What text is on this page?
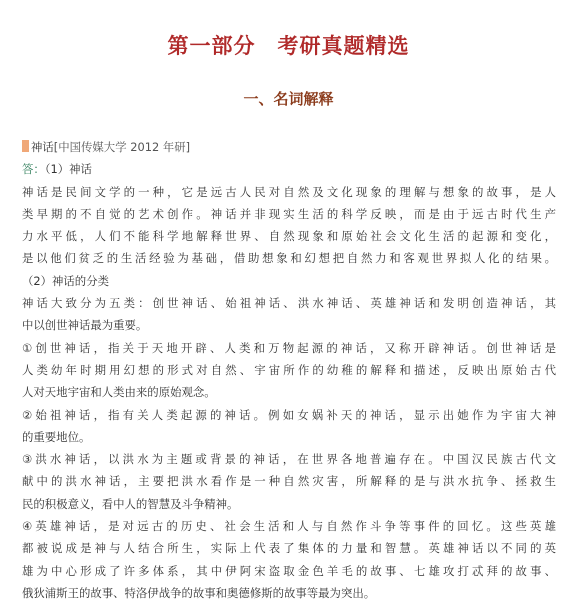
第一部分　考研真题精选
一、名词解释
神话[中国传媒大学 2012 年研]
答：（1）神话
神话是民间文学的一种，它是远古人民对自然及文化现象的理解与想象的故事，是人
类早期的不自觉的艺术创作。神话并非现实生活的科学反映，而是由于远古时代生产
力水平低，人们不能科学地解释世界、自然现象和原始社会文化生活的起源和变化，
是以他们贫乏的生活经验为基础，借助想象和幻想把自然力和客观世界拟人化的结果。
（2）神话的分类
神话大致分为五类：创世神话、始祖神话、洪水神话、英雄神话和发明创造神话，其
中以创世神话最为重要。
①创世神话，指关于天地开辟、人类和万物起源的神话，又称开辟神话。创世神话是
人类幼年时期用幻想的形式对自然、宇宙所作的幼稚的解释和描述，反映出原始古代
人对天地宇宙和人类由来的原始观念。
②始祖神话，指有关人类起源的神话。例如女娲补天的神话，显示出她作为宇宙大神
的重要地位。
③洪水神话，以洪水为主题或背景的神话，在世界各地普遍存在。中国汉民族古代文
献中的洪水神话，主要把洪水看作是一种自然灾害，所解释的是与洪水抗争、拯救生
民的积极意义，看中人的智慧及斗争精神。
④英雄神话，是对远古的历史、社会生活和人与自然作斗争等事件的回忆。这些英雄
都被说成是神与人结合所生，实际上代表了集体的力量和智慧。英雄神话以不同的英
雄为中心形成了许多体系，其中伊阿宋盗取金色羊毛的故事、七雄攻打忒拜的故事、
俄狄浦斯王的故事、特洛伊战争的故事和奥德修斯的故事等最为突出。
